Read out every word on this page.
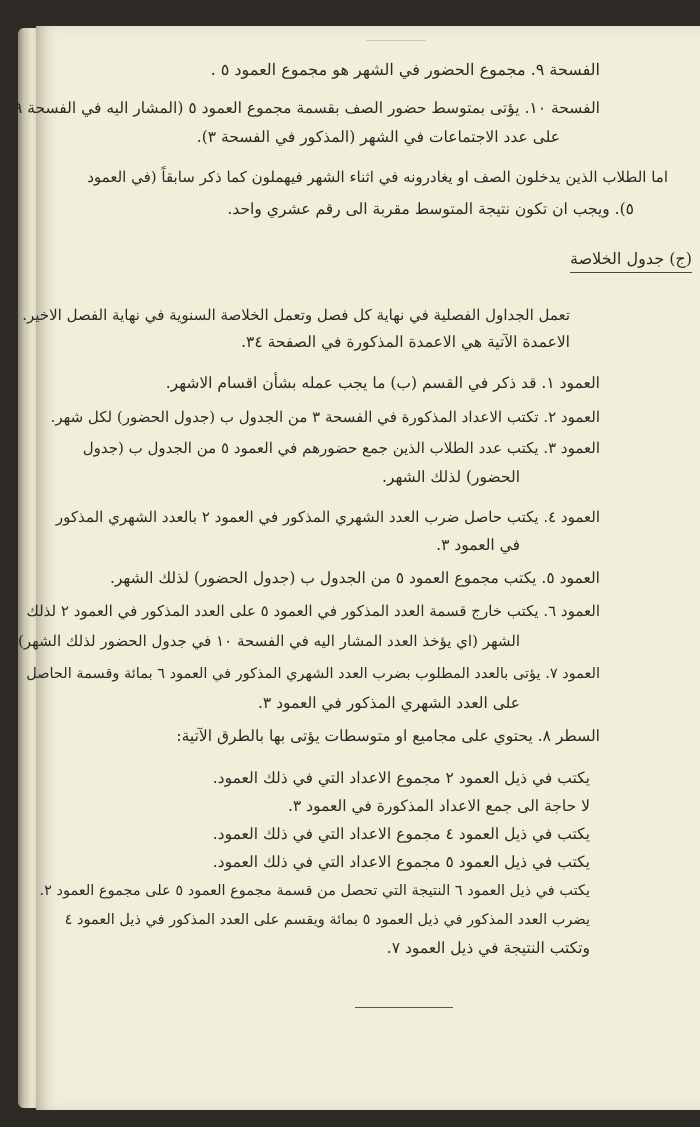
الفسحة ٩. مجموع الحضور في الشهر هو مجموع العمود ٥ .
الفسحة ١٠. يؤتى بمتوسط حضور الصف بقسمة مجموع العمود ٥ (المشار اليه في الفسحة ٩)
على عدد الاجتماعات في الشهر (المذكور في الفسحة ٣).
اما الطلاب الذين يدخلون الصف او يغادرونه في اثناء الشهر فيهملون كما ذكر سابقاً (في العمود
٥). ويجب ان تكون نتيجة المتوسط مقربة الى رقم عشري واحد.
(ج) جدول الخلاصة
تعمل الجداول الفصلية في نهاية كل فصل وتعمل الخلاصة السنوية في نهاية الفصل الاخير.
الاعمدة الآتية هي الاعمدة المذكورة في الصفحة ٣٤.
العمود ١. قد ذكر في القسم (ب) ما يجب عمله بشأن اقسام الاشهر.
العمود ٢. تكتب الاعداد المذكورة في الفسحة ٣ من الجدول ب (جدول الحضور) لكل شهر.
العمود ٣. يكتب عدد الطلاب الذين جمع حضورهم في العمود ٥ من الجدول ب (جدول
الحضور) لذلك الشهر.
العمود ٤. يكتب حاصل ضرب العدد الشهري المذكور في العمود ٢ بالعدد الشهري المذكور
في العمود ٣.
العمود ٥. يكتب مجموع العمود ٥ من الجدول ب (جدول الحضور) لذلك الشهر.
العمود ٦. يكتب خارج قسمة العدد المذكور في العمود ٥ على العدد المذكور في العمود ٢ لذلك
الشهر (اي يؤخذ العدد المشار اليه في الفسحة ١٠ في جدول الحضور لذلك الشهر).
العمود ٧. يؤتى بالعدد المطلوب بضرب العدد الشهري المذكور في العمود ٦ بمائة وقسمة الحاصل
على العدد الشهري المذكور في العمود ٣.
السطر ٨. يحتوي على مجاميع او متوسطات يؤتى بها بالطرق الآتية:
يكتب في ذيل العمود ٢ مجموع الاعداد التي في ذلك العمود.
لا حاجة الى جمع الاعداد المذكورة في العمود ٣.
يكتب في ذيل العمود ٤ مجموع الاعداد التي في ذلك العمود.
يكتب في ذيل العمود ٥ مجموع الاعداد التي في ذلك العمود.
يكتب في ذيل العمود ٦ النتيجة التي تحصل من قسمة مجموع العمود ٥ على مجموع العمود ٢.
يضرب العدد المذكور في ذيل العمود ٥ بمائة ويقسم على العدد المذكور في ذيل العمود ٤
وتكتب النتيجة في ذيل العمود ٧.
